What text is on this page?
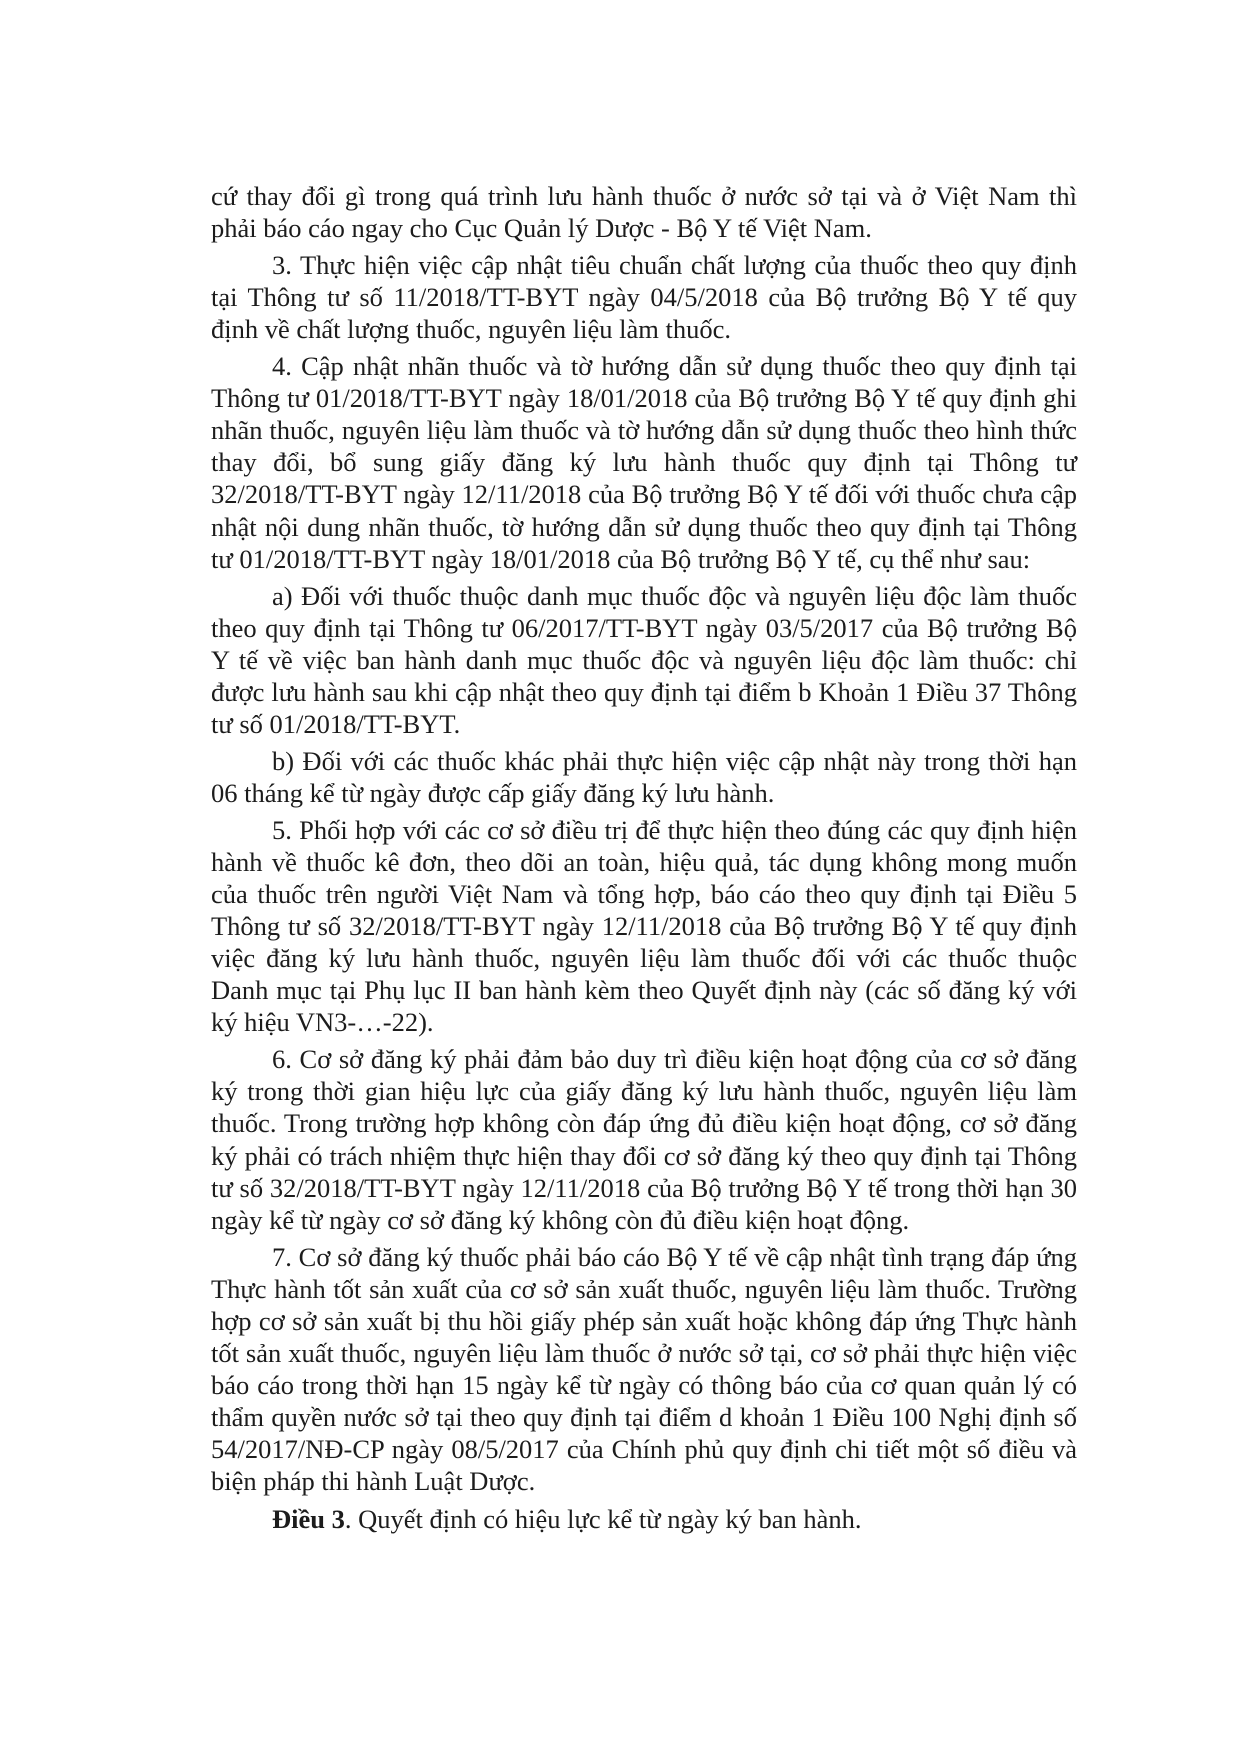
cứ thay đổi gì trong quá trình lưu hành thuốc ở nước sở tại và ở Việt Nam thì phải báo cáo ngay cho Cục Quản lý Dược - Bộ Y tế Việt Nam.

3. Thực hiện việc cập nhật tiêu chuẩn chất lượng của thuốc theo quy định tại Thông tư số 11/2018/TT-BYT ngày 04/5/2018 của Bộ trưởng Bộ Y tế quy định về chất lượng thuốc, nguyên liệu làm thuốc.

4. Cập nhật nhãn thuốc và tờ hướng dẫn sử dụng thuốc theo quy định tại Thông tư 01/2018/TT-BYT ngày 18/01/2018 của Bộ trưởng Bộ Y tế quy định ghi nhãn thuốc, nguyên liệu làm thuốc và tờ hướng dẫn sử dụng thuốc theo hình thức thay đổi, bổ sung giấy đăng ký lưu hành thuốc quy định tại Thông tư 32/2018/TT-BYT ngày 12/11/2018 của Bộ trưởng Bộ Y tế đối với thuốc chưa cập nhật nội dung nhãn thuốc, tờ hướng dẫn sử dụng thuốc theo quy định tại Thông tư 01/2018/TT-BYT ngày 18/01/2018 của Bộ trưởng Bộ Y tế, cụ thể như sau:

a) Đối với thuốc thuộc danh mục thuốc độc và nguyên liệu độc làm thuốc theo quy định tại Thông tư 06/2017/TT-BYT ngày 03/5/2017 của Bộ trưởng Bộ Y tế về việc ban hành danh mục thuốc độc và nguyên liệu độc làm thuốc: chỉ được lưu hành sau khi cập nhật theo quy định tại điểm b Khoản 1 Điều 37 Thông tư số 01/2018/TT-BYT.

b) Đối với các thuốc khác phải thực hiện việc cập nhật này trong thời hạn 06 tháng kể từ ngày được cấp giấy đăng ký lưu hành.

5. Phối hợp với các cơ sở điều trị để thực hiện theo đúng các quy định hiện hành về thuốc kê đơn, theo dõi an toàn, hiệu quả, tác dụng không mong muốn của thuốc trên người Việt Nam và tổng hợp, báo cáo theo quy định tại Điều 5 Thông tư số 32/2018/TT-BYT ngày 12/11/2018 của Bộ trưởng Bộ Y tế quy định việc đăng ký lưu hành thuốc, nguyên liệu làm thuốc đối với các thuốc thuộc Danh mục tại Phụ lục II ban hành kèm theo Quyết định này (các số đăng ký với ký hiệu VN3-…-22).

6. Cơ sở đăng ký phải đảm bảo duy trì điều kiện hoạt động của cơ sở đăng ký trong thời gian hiệu lực của giấy đăng ký lưu hành thuốc, nguyên liệu làm thuốc. Trong trường hợp không còn đáp ứng đủ điều kiện hoạt động, cơ sở đăng ký phải có trách nhiệm thực hiện thay đổi cơ sở đăng ký theo quy định tại Thông tư số 32/2018/TT-BYT ngày 12/11/2018 của Bộ trưởng Bộ Y tế trong thời hạn 30 ngày kể từ ngày cơ sở đăng ký không còn đủ điều kiện hoạt động.

7. Cơ sở đăng ký thuốc phải báo cáo Bộ Y tế về cập nhật tình trạng đáp ứng Thực hành tốt sản xuất của cơ sở sản xuất thuốc, nguyên liệu làm thuốc. Trường hợp cơ sở sản xuất bị thu hồi giấy phép sản xuất hoặc không đáp ứng Thực hành tốt sản xuất thuốc, nguyên liệu làm thuốc ở nước sở tại, cơ sở phải thực hiện việc báo cáo trong thời hạn 15 ngày kể từ ngày có thông báo của cơ quan quản lý có thẩm quyền nước sở tại theo quy định tại điểm d khoản 1 Điều 100 Nghị định số 54/2017/NĐ-CP ngày 08/5/2017 của Chính phủ quy định chi tiết một số điều và biện pháp thi hành Luật Dược.

Điều 3. Quyết định có hiệu lực kể từ ngày ký ban hành.
